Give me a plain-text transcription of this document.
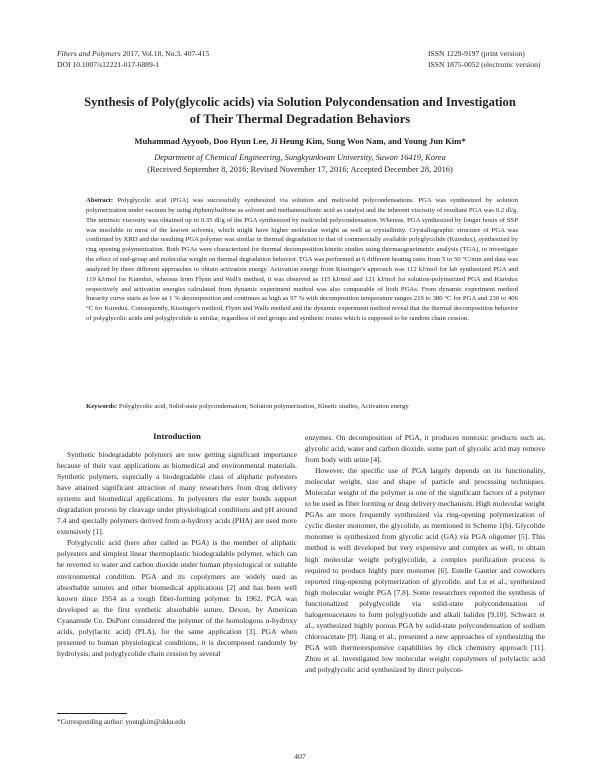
Fibers and Polymers 2017, Vol.18, No.3, 407-415
DOI 10.1007/s12221-017-6889-1
ISSN 1229-9197 (print version)
ISSN 1875-0052 (electronic version)
Synthesis of Poly(glycolic acids) via Solution Polycondensation and Investigation
of Their Thermal Degradation Behaviors
Muhammad Ayyoob, Doo Hyun Lee, Ji Heung Kim, Sung Woo Nam, and Young Jun Kim*
Department of Chemical Engineering, Sungkyunkwan University, Suwon 16419, Korea
(Received September 8, 2016; Revised November 17, 2016; Accepted December 28, 2016)
Abstract: Polyglycolic acid (PGA) was successfully synthesized via solution and melt/solid polycondensations. PGA was synthesized by solution polymerization under vacuum by using diphenylsulfone as solvent and methanesulfonic acid as catalyst and the inherent viscosity of resultant PGA was 0.2 dl/g. The intrinsic viscosity was obtained up to 0.35 dl/g of the PGA synthesized by melt/solid polycondensation. Whereas, PGA synthesized by longer hours of SSP was insoluble in most of the known solvents, which might have higher molecular weight as well as crystallinity. Crystallographic structure of PGA was confirmed by XRD and the resulting PGA polymer was similar in thermal degradation to that of commercially available polyglycolide (Kuredux), synthesized by ring opening polymerization. Both PGAs were characterized for thermal decomposition kinetic studies using thermaogravimetric analysis (TGA), to investigate the effect of end-group and molecular weight on thermal degradation behavior. TGA was performed at 6 different heating rates from 5 to 50 °C/min and data was analyzed by three different approaches to obtain activation energy. Activation energy from Kissinger's approach was 112 kJ/mol for lab synthesized PGA and 119 kJ/mol for Kuredux, whereas from Flynn and Wall's method, it was observed as 115 kJ/mol and 121 kJ/mol for solution-polymerized PGA and Kuredux respectively and activation energies calculated from dynamic experiment method was also comparable of both PGAs. From dynamic experiment method linearity curve starts as low as 1 % decomposition and continues as high as 97 % with decomposition temperature ranges 219 to 380 °C for PGA and 230 to 406 °C for Kuredux. Consequently, Kissinger's method, Flynn and Walls method and the dynamic experiment method reveal that the thermal decomposition behavior of polyglycolic acids and polyglycolide is similar, regardless of end groups and synthetic routes which is supposed to be random chain cession.
Keywords: Polyglycolic acid, Solid-state polycondensation, Solution polymerization, Kinetic studies, Activation energy
Introduction

Synthetic biodegradable polymers are now getting significant importance because of their vast applications as biomedical and environmental materials. Synthetic polymers, especially a biodegradable class of aliphatic polyesters have attained significant attraction of many researchers from drug delivery systems and biomedical applications. In polyesters the ester bonds support degradation process by cleavage under physiological conditions and pH around 7.4 and specially polymers derived from α-hydroxy acids (PHA) are used more extensively [1].

Polyglycolic acid (here after called as PGA) is the member of aliphatic polyesters and simplest linear thermoplastic biodegradable polymer, which can be reverted to water and carbon dioxide under human physiological or suitable environmental condition. PGA and its copolymers are widely used as absorbable sutures and other biomedical applications [2] and has been well known since 1954 as a tough fiber-forming polymer. In 1962, PGA was developed as the first synthetic absorbable suture, Dexon, by American Cyanamide Co. DuPont considered the polymer of the homologous α-hydroxy acids, poly(lactic acid) (PLA), for the same application [3]. PGA when presented to human physiological conditions, it is decomposed randomly by hydrolysis, and polyglycolide chain cession by several

enzymes. On decomposition of PGA, it produces nontoxic products such as, glycolic acid, water and carbon dioxide. some part of glycolic acid may remove from body with urine [4].

However, the specific use of PGA largely depends on its functionality, molecular weight, size and shape of particle and processing techniques. Molecular weight of the polymer is one of the significant factors of a polymer to be used as fiber forming or drug delivery mechanism. High molecular weight PGAs are more frequently synthesized via ring-opening polymerization of cyclic diester monomer, the glycolide, as mentioned in Scheme 1(b). Glycolide monomer is synthesized from glycolic acid (GA) via PGA oligomer [5]. This method is well developed but very expensive and complex as well, to obtain high molecular weight polyglycolide, a complex purification process is required to produce highly pure monomer [6]. Estelle Gautier and coworkers reported ring-opening polymerization of glycolide, and Lu et al., synthesized high molecular weight PGA [7,8]. Some researchers reported the synthesis of functionalized polyglycolide via solid-state polycondensation of halogenoacetates to form polyglycolide and alkali halides [9,10]. Schwarz et al., synthesized highly porous PGA by solid-state polycondensation of sodium chloroacetate [9]. Jiang et al., presented a new approaches of synthesizing the PGA with thermoresponsive capabilities by click chemistry approach [11]. Zhou et al. investigated low molecular weight copolymers of polylactic acid and polyglycolic acid synthesized by direct polycon-

*Corresponding author: youngkim@skku.edu
407
